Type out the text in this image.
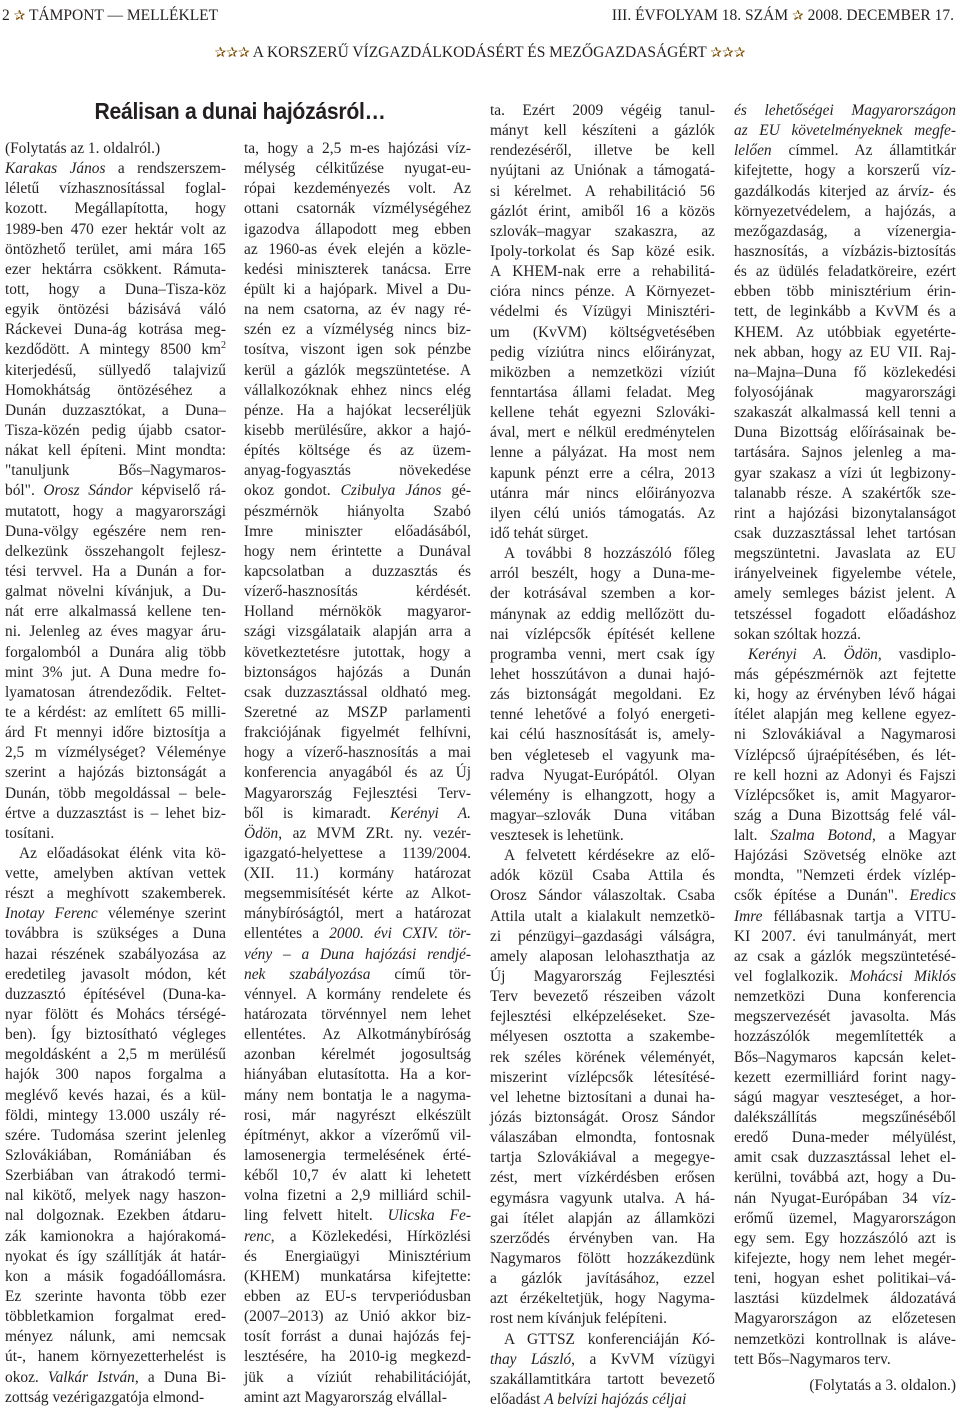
2 ✰ TÁMPONT — MELLÉKLET	III. ÉVFOLYAM 18. SZÁM ✰ 2008. DECEMBER 17.
✰✰✰ A KORSZERŰ VÍZGAZDÁLKODÁSÉRT ÉS MEZŐGAZDASÁGÉRT ✰✰✰
Reálisan a dunai hajózásról…
(Folytatás az 1. oldalról.)
Karakas János a rendszerszem-
léletű vízhasznosítással foglal-
kozott. Megállapította, hogy
1989-ben 470 ezer hektár volt az
öntözhető terület, ami mára 165
ezer hektárra csökkent. Rámuta-
tott, hogy a Duna–Tisza-köz
egyik öntözési bázisává váló
Ráckevei Duna-ág kotrása meg-
kezdődött. A mintegy 8500 $km^2$
kiterjedésű, süllyedő talajvizű
Homokhátság öntözéséhez a
Dunán duzzasztókat, a Duna–
Tisza-közén pedig újabb csator-
nákat kell építeni. Mint mondta:
"tanuljunk Bős–Nagymaros-
ból". Orosz Sándor képviselő rá-
mutatott, hogy a magyarországi
Duna-völgy egészére nem ren-
delkezünk összehangolt fejlesz-
tési tervvel. Ha a Dunán a for-
galmat növelni kívánjuk, a Du-
nát erre alkalmassá kellene ten-
ni. Jelenleg az éves magyar áru-
forgalomból a Dunára alig több
mint 3% jut. A Duna medre fo-
lyamatosan átrendeződik. Feltet-
te a kérdést: az említett 65 milli-
árd Ft mennyi időre biztosítja a
2,5 m vízmélységet? Véleménye
szerint a hajózás biztonságát a
Dunán, több megoldással – bele-
értve a duzzasztást is – lehet biz-
tosítani.
Az előadásokat élénk vita kö-
vette, amelyben aktívan vettek
részt a meghívott szakemberek.
Inotay Ferenc véleménye szerint
továbbra is szükséges a Duna
hazai részének szabályozása az
eredetileg javasolt módon, két
duzzasztó építésével (Duna-ka-
nyar fölött és Mohács térségé-
ben). Így biztosítható végleges
megoldásként a 2,5 m merülésű
hajók 300 napos forgalma a
meglévő kevés hazai, és a kül-
földi, mintegy 13.000 uszály ré-
szére. Tudomása szerint jelenleg
Szlovákiában, Romániában és
Szerbiában van átrakodó termi-
nal kikötő, melyek nagy haszon-
nal dolgoznak. Ezekben átdaru-
zák kamionokra a hajórakomá-
nyokat és így szállítják át határ-
kon a másik fogadóállomásra.
Ez szerinte havonta több ezer
többletkamion forgalmat ered-
ményez nálunk, ami nemcsak
út-, hanem környezetterhelést is
okoz. Valkár István, a Duna Bi-
zottság vezérigazgatója elmond-
ta, hogy a 2,5 m-es hajózási víz-
mélység célkitűzése nyugat-eu-
rópai kezdeményezés volt. Az
ottani csatornák vízmélységéhez
igazodva állapodott meg ebben
az 1960-as évek elején a közle-
kedési miniszterek tanácsa. Erre
épült ki a hajópark. Mivel a Du-
na nem csatorna, az év nagy ré-
szén ez a vízmélység nincs biz-
tosítva, viszont igen sok pénzbe
kerül a gázlók megszüntetése. A
vállalkozóknak ehhez nincs elég
pénze. Ha a hajókat lecseréljük
kisebb merülésűre, akkor a hajó-
építés költsége és az üzem-
anyag-fogyasztás növekedése
okoz gondot. Czibulya János gé-
pészmérnök hiányolta Szabó
Imre miniszter előadásából,
hogy nem érintette a Dunával
kapcsolatban a duzzasztás és
vízerő-hasznosítás kérdését.
Holland mérnökök magyaror-
szági vizsgálataik alapján arra a
következtetésre jutottak, hogy a
biztonságos hajózás a Dunán
csak duzzasztással oldható meg.
Szeretné az MSZP parlamenti
frakciójának figyelmét felhívni,
hogy a vízerő-hasznosítás a mai
konferencia anyagából és az Új
Magyarország Fejlesztési Terv-
ből is kimaradt. Kerényi A.
Ödön, az MVM ZRt. ny. vezér-
igazgató-helyettese a 1139/2004.
(XII. 11.) kormány határozat
megsemmisítését kérte az Alkot-
mánybíróságtól, mert a határozat
ellentétes a 2000. évi CXIV. tör-
vény – a Duna hajózási rendjé-
nek szabályozása című tör-
vénnyel. A kormány rendelete és
határozata törvénnyel nem lehet
ellentétes. Az Alkotmánybíróság
azonban kérelmét jogosultság
hiányában elutasította. Ha a kor-
mány nem bontatja le a nagyma-
rosi, már nagyrészt elkészült
építményt, akkor a vízerőmű vil-
lamosenergia termelésének érté-
kéből 10,7 év alatt ki lehetett
volna fizetni a 2,9 milliárd schil-
ling felvett hitelt. Ulicska Fe-
renc, a Közlekedési, Hírközlési
és Energiaügyi Minisztérium
(KHEM) munkatársa kifejtette:
ebben az EU-s tervperiódusban
(2007–2013) az Unió akkor biz-
tosít forrást a dunai hajózás fej-
lesztésére, ha 2010-ig megkezd-
jük a víziút rehabilitációját,
amint azt Magyarország elvállal-
ta. Ezért 2009 végéig tanul-
mányt kell készíteni a gázlók
rendezéséről, illetve be kell
nyújtani az Uniónak a támogatá-
si kérelmet. A rehabilitáció 56
gázlót érint, amiből 16 a közös
szlovák–magyar szakaszra, az
Ipoly-torkolat és Sap közé esik.
A KHEM-nak erre a rehabilitá-
cióra nincs pénze. A Környezet-
védelmi és Vízügyi Minisztéri-
um (KvVM) költségvetésében
pedig víziútra nincs előirányzat,
miközben a nemzetközi víziút
fenntartása állami feladat. Meg
kellene tehát egyezni Szlováki-
ával, mert e nélkül eredménytelen
lenne a pályázat. Ha most nem
kapunk pénzt erre a célra, 2013
utánra már nincs előirányozva
ilyen célú uniós támogatás. Az
idő tehát sürget.
A további 8 hozzászóló főleg
arról beszélt, hogy a Duna-me-
der kotrásával szemben a kor-
mánynak az eddig mellőzött du-
nai vízlépcsők építését kellene
programba venni, mert csak így
lehet hosszútávon a dunai hajó-
zás biztonságát megoldani. Ez
tenné lehetővé a folyó energeti-
kai célú hasznosítását is, amely-
ben végleteseb el vagyunk ma-
radva Nyugat-Európától. Olyan
vélemény is elhangzott, hogy a
magyar–szlovák Duna vitában
vesztesek is lehetünk.
A felvetett kérdésekre az elő-
adók közül Csaba Attila és
Orosz Sándor válaszoltak. Csaba
Attila utalt a kialakult nemzetkö-
zi pénzügyi–gazdasági válságra,
amely alaposan lelohaszthatja az
Új Magyarország Fejlesztési
Terv bevezető részeiben vázolt
fejlesztési elképzeléseket. Sze-
mélyesen osztotta a szakembe-
rek széles körének véleményét,
miszerint vízlépcsők létesítésé-
vel lehetne biztosítani a dunai ha-
józás biztonságát. Orosz Sándor
válaszában elmondta, fontosnak
tartja Szlovákiával a megegye-
zést, mert vízkérdésben erősen
egymásra vagyunk utalva. A há-
gai ítélet alapján az államközi
szerződés érvényben van. Ha
Nagymaros fölött hozzákezdünk
a gázlók javításához, ezzel
azt érzékeltetjük, hogy Nagyma-
rost nem kívánjuk felépíteni.
A GTTSZ konferenciáján Kó-
thay László, a KvVM vízügyi
szakállamtitkára tartott bevezető
előadást A belvízi hajózás céljai
és lehetőségei Magyarországon
az EU követelményeknek megfe-
lelően címmel. Az államtitkár
kifejtette, hogy a korszerű víz-
gazdálkodás kiterjed az árvíz- és
környezetvédelem, a hajózás, a
mezőgazdaság, a vízenergia-
hasznosítás, a vízbázis-biztosítás
és az üdülés feladatköreire, ezért
ebben több minisztérium érin-
tett, de leginkább a KvVM és a
KHEM. Az utóbbiak egyetérte-
nek abban, hogy az EU VII. Raj-
na–Majna–Duna fő közlekedési
folyosójának magyarországi
szakaszát alkalmassá kell tenni a
Duna Bizottság előírásainak be-
tartására. Sajnos jelenleg a ma-
gyar szakasz a vízi út legbizony-
talanabb része. A szakértők sze-
rint a hajózási bizonytalanságot
csak duzzasztással lehet tartósan
megszüntetni. Javaslata az EU
irányelveinek figyelembe vétele,
amely semleges bázist jelent. A
tetszéssel fogadott előadáshoz
sokan szóltak hozzá.
Kerényi A. Ödön, vasdiplo-
más gépészmérnök azt fejtette
ki, hogy az érvényben lévő hágai
ítélet alapján meg kellene egyez-
ni Szlovákiával a Nagymarosi
Vízlépcső újraépítésében, és lét-
re kell hozni az Adonyi és Fajszi
Vízlépcsőket is, amit Magyaror-
szág a Duna Bizottság felé vál-
lalt. Szalma Botond, a Magyar
Hajózási Szövetség elnöke azt
mondta, "Nemzeti érdek vízlép-
csők építése a Dunán". Eredics
Imre féllábasnak tartja a VITU-
KI 2007. évi tanulmányát, mert
az csak a gázlók megszüntetésé-
vel foglalkozik. Mohácsi Miklós
nemzetközi Duna konferencia
megszervezését javasolta. Más
hozzászólók megemlítették a
Bős–Nagymaros kapcsán kelet-
kezett ezermilliárd forint nagy-
ságú magyar veszteséget, a hor-
dalékszállítás megszűnéséből
eredő Duna-meder mélyülést,
amit csak duzzasztással lehet el-
kerülni, továbbá azt, hogy a Du-
nán Nyugat-Európában 34 víz-
erőmű üzemel, Magyarországon
egy sem. Egy hozzászóló azt is
kifejezte, hogy nem lehet megér-
teni, hogyan eshet politikai–vá-
lasztási küzdelmek áldozatává
Magyarországon az előzetesen
nemzetközi kontrollnak is aláve-
tett Bős–Nagymaros terv.
(Folytatás a 3. oldalon.)
